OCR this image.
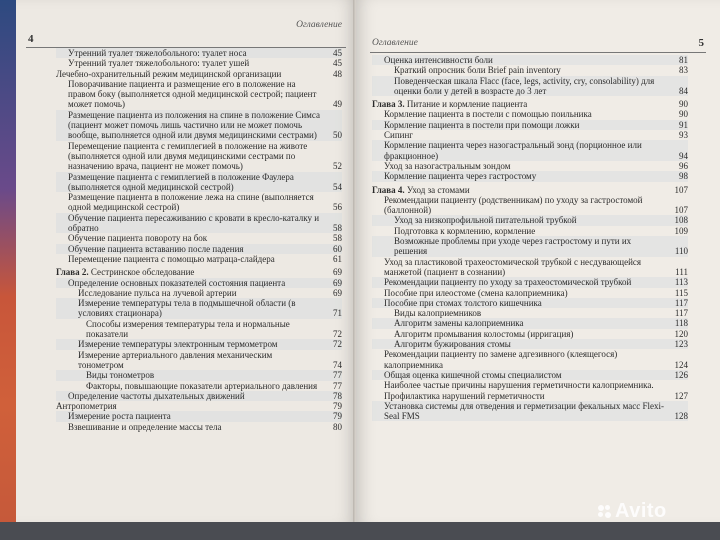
4
Оглавление
Утренний туалет тяжелобольного: туалет носа	45
Утренний туалет тяжелобольного: туалет ушей	45
Лечебно-охранительный режим медицинской организации	48
Поворачивание пациента и размещение его в положение на правом боку (выполняется одной медицинской сестрой; пациент может помочь)	49
Размещение пациента из положения на спине в положение Симса (пациент может помочь лишь частично или не может помочь вообще, выполняется одной или двумя медицинскими сестрами)	50
Перемещение пациента с гемиплегией в положение на животе (выполняется одной или двумя медицинскими сестрами по назначению врача, пациент не может помочь)	52
Размещение пациента с гемиплегией в положение Фаулера (выполняется одной медицинской сестрой)	54
Размещение пациента в положение лежа на спине (выполняется одной медицинской сестрой)	56
Обучение пациента пересаживанию с кровати в кресло-каталку и обратно	58
Обучение пациента повороту на бок	58
Обучение пациента вставанию после падения	60
Перемещение пациента с помощью матраца-слайдера	61
Глава 2. Сестринское обследование	69
Определение основных показателей состояния пациента	69
Исследование пульса на лучевой артерии	69
Измерение температуры тела в подмышечной области (в условиях стационара)	71
Способы измерения температуры тела и нормальные показатели	72
Измерение температуры электронным термометром	72
Измерение артериального давления механическим тонометром	74
Виды тонометров	77
Факторы, повышающие показатели артериального давления	77
Определение частоты дыхательных движений	78
Антропометрия	79
Измерение роста пациента	79
Взвешивание и определение массы тела	80
Оглавление	5
Оценка интенсивности боли	81
Краткий опросник боли Brief pain inventory	83
Поведенческая шкала Flacc (face, legs, activity, cry, consolability) для оценки боли у детей в возрасте до 3 лет	84
Глава 3. Питание и кормление пациента	90
Кормление пациента в постели с помощью поильника	90
Кормление пациента в постели при помощи ложки	91
Сипинг	93
Кормление пациента через назогастральный зонд (порционное или фракционное)	94
Уход за назогастральным зондом	96
Кормление пациента через гастростому	98
Глава 4. Уход за стомами	107
Рекомендации пациенту (родственникам) по уходу за гастростомой (баллонной)	107
Уход за низкопрофильной питательной трубкой	108
Подготовка к кормлению, кормление	109
Возможные проблемы при уходе через гастростому и пути их решения	110
Уход за пластиковой трахеостомической трубкой с несдувающейся манжетой (пациент в сознании)	111
Рекомендации пациенту по уходу за трахеостомической трубкой	113
Пособие при илеостоме (смена калоприемника)	115
Пособие при стомах толстого кишечника	117
Виды калоприемников	117
Алгоритм замены калоприемника	118
Алгоритм промывания колостомы (ирригация)	120
Алгоритм бужирования стомы	123
Рекомендации пациенту по замене адгезивного (клеящегося) калоприемника	124
Общая оценка кишечной стомы специалистом	126
Наиболее частые причины нарушения герметичности калоприемника. Профилактика нарушений герметичности	127
Установка системы для отведения и герметизации фекальных масс Flexi-Seal FMS	128
Avito
